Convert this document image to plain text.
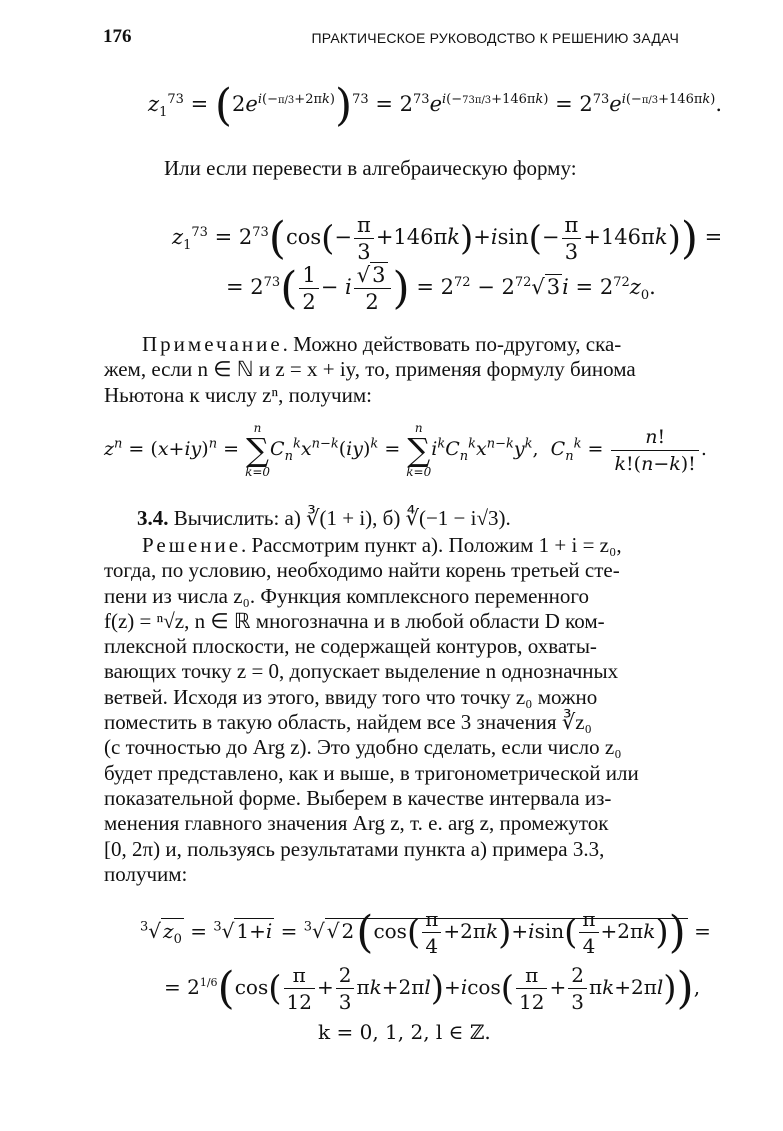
176	ПРАКТИЧЕСКОЕ РУКОВОДСТВО К РЕШЕНИЮ ЗАДАЧ
$z_1^{73} = (2e^{i(-\pi/3+2\pi k)})^{73} = 2^{73}e^{i(-73\pi/3+146\pi k)} = 2^{73}e^{i(-\pi/3+146\pi k)}$.
Или если перевести в алгебраическую форму:
$z_1^{73} = 2^{73}(\cos(- \frac{\pi}{3} +146\pi k)+isin(- \frac{\pi}{3} +146\pi k))$ =
= $2^{73}( \frac{1}{2} - i \frac{√3}{2}$ ) = $2^{72} - 2^{72}√3i = 2^{72}z_0$.
Примечание. Можно действовать по-другому, ска-
жем, если n ∈ ℕ и z = x + iy, то, применяя формулу бинома
Ньютона к числу zⁿ, получим:
$z^n = (x+iy)^n$ =
n
∑
k=0
$C_n^kx^{n-k}(iy)^k$ =
n
∑
k=0
$i^kC_n^kx^{n-k}y^k$,  $C_n^k = \frac{n!}{k!(n-k)!}$ .
3.4. Вычислить: а) ∛(1 + i), б) ∜(−1 − i√3).
Решение. Рассмотрим пункт а). Положим 1 + i = z₀,
тогда, по условию, необходимо найти корень третьей сте-
пени из числа z₀. Функция комплексного переменного
f(z) = ⁿ√z, n ∈ ℝ многозначна и в любой области D ком-
плексной плоскости, не содержащей контуров, охваты-
вающих точку z = 0, допускает выделение n однозначных
ветвей. Исходя из этого, ввиду того что точку z₀ можно
поместить в такую область, найдем все 3 значения ∛z₀
(с точностью до Arg z). Это удобно сделать, если число z₀
будет представлено, как и выше, в тригонометрической или
показательной форме. Выберем в качестве интервала из-
менения главного значения Arg z, т. е. arg z, промежуток
[0, 2π) и, пользуясь результатами пункта а) примера 3.3,
получим:
$^3$√ $z_0 = ^3√$ 1+i = $^3$√ √ $2(\cos( \frac{\pi}{4} +2\pi k)+isin( \frac{\pi}{4} +2\pi k))$ =
= $2^{1/6}(\cos( \frac{\pi}{12} + \frac{2}{3} \pi k+2\pi l)+icos( \frac{\pi}{12} + \frac{2}{3} \pi k+2\pi l))$,
k = 0, 1, 2, l ∈ ℤ.
